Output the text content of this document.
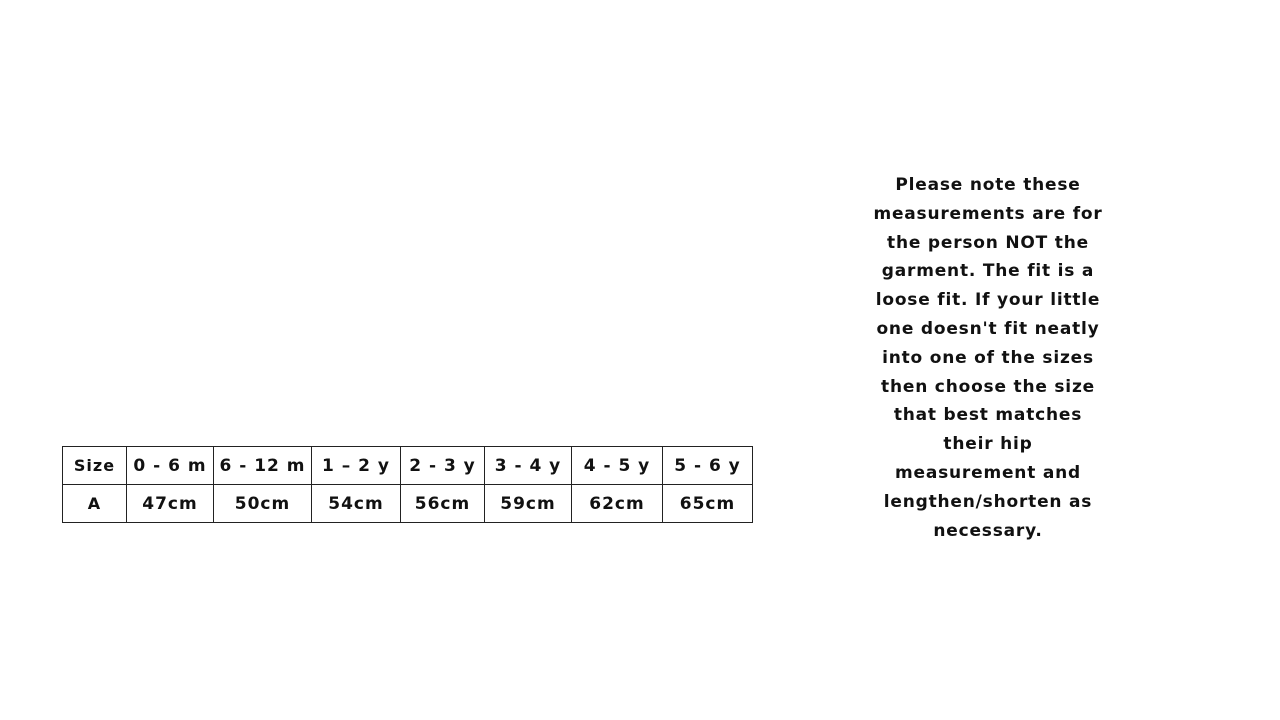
Size	0 - 6 m	6 - 12 m	1 – 2 y	2 - 3 y	3 - 4 y	4 - 5 y	5 - 6 y
A	47cm	50cm	54cm	56cm	59cm	62cm	65cm
Please note these measurements are for the person NOT the garment. The fit is a loose fit. If your little one doesn't fit neatly into one of the sizes then choose the size that best matches their hip measurement and lengthen/shorten as necessary.
